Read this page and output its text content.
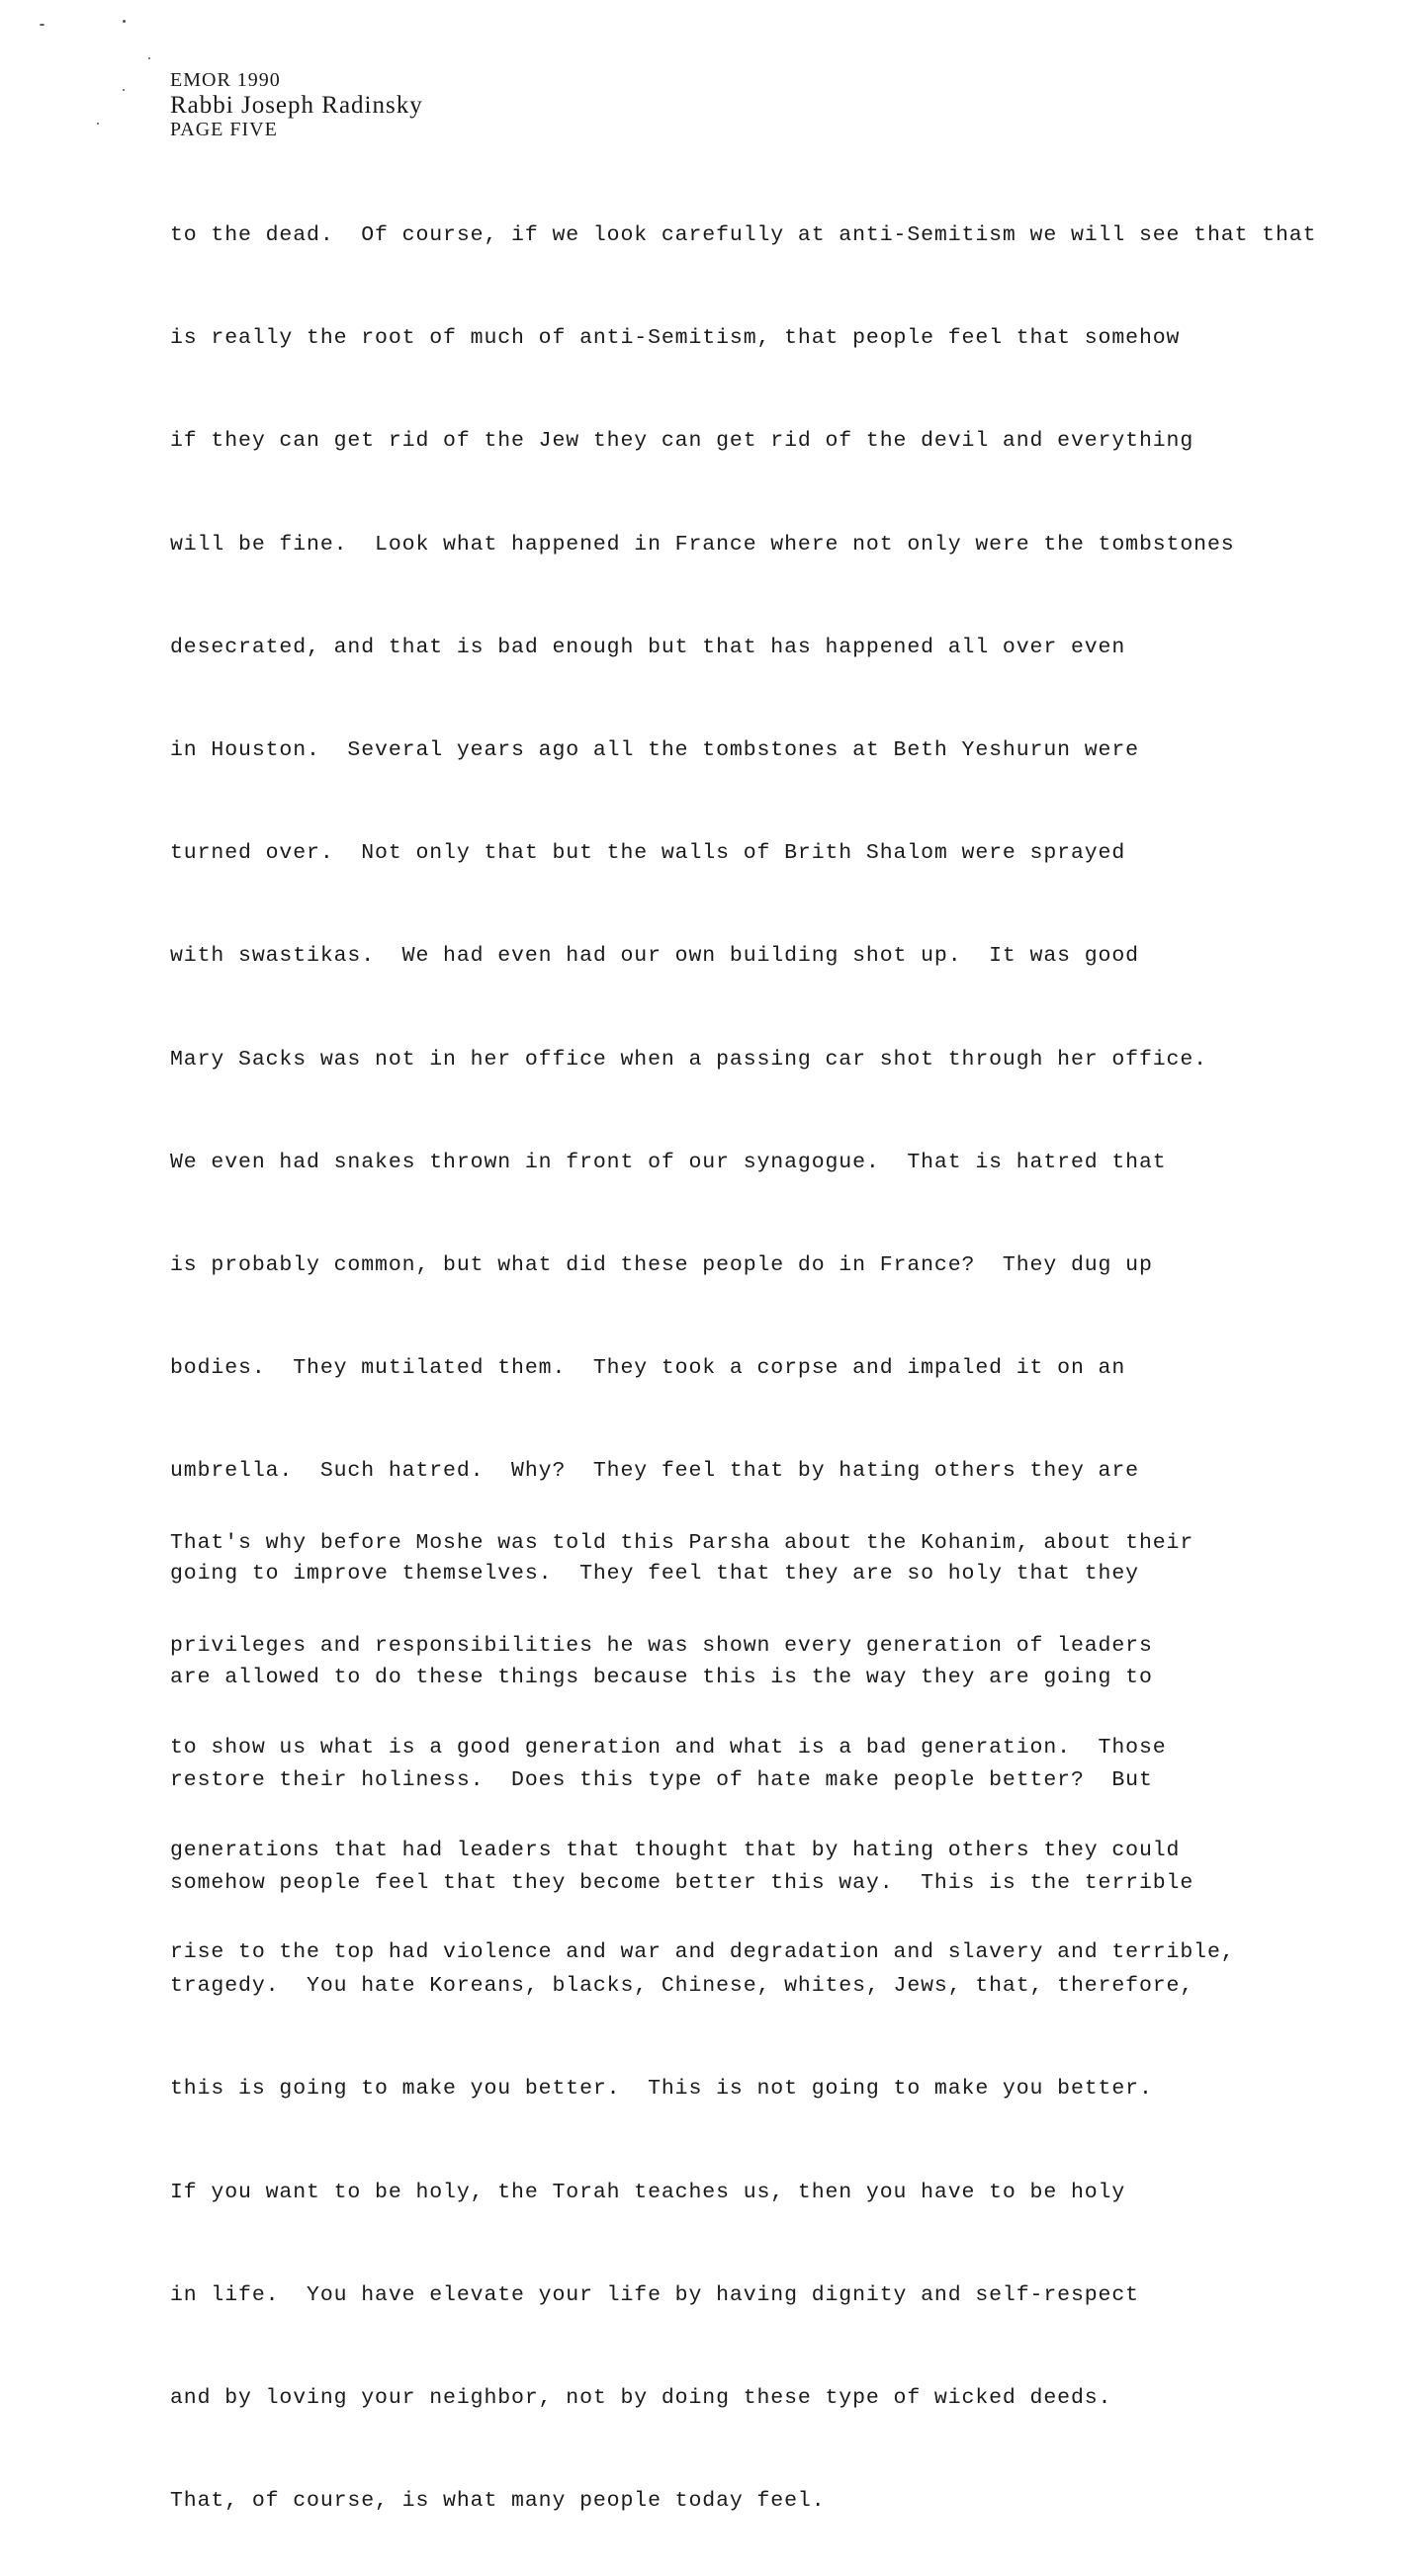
EMOR 1990
Rabbi Joseph Radinsky
PAGE FIVE

to the dead.  Of course, if we look carefully at anti-Semitism we will see that that

is really the root of much of anti-Semitism, that people feel that somehow

if they can get rid of the Jew they can get rid of the devil and everything

will be fine.  Look what happened in France where not only were the tombstones

desecrated, and that is bad enough but that has happened all over even

in Houston.  Several years ago all the tombstones at Beth Yeshurun were

turned over.  Not only that but the walls of Brith Shalom were sprayed

with swastikas.  We had even had our own building shot up.  It was good

Mary Sacks was not in her office when a passing car shot through her office.

We even had snakes thrown in front of our synagogue.  That is hatred that

is probably common, but what did these people do in France?  They dug up

bodies.  They mutilated them.  They took a corpse and impaled it on an

umbrella.  Such hatred.  Why?  They feel that by hating others they are

going to improve themselves.  They feel that they are so holy that they

are allowed to do these things because this is the way they are going to

restore their holiness.  Does this type of hate make people better?  But

somehow people feel that they become better this way.  This is the terrible

tragedy.  You hate Koreans, blacks, Chinese, whites, Jews, that, therefore,

this is going to make you better.  This is not going to make you better.

If you want to be holy, the Torah teaches us, then you have to be holy

in life.  You have elevate your life by having dignity and self-respect

and by loving your neighbor, not by doing these type of wicked deeds.

That, of course, is what many people today feel.

That's why before Moshe was told this Parsha about the Kohanim, about their

privileges and responsibilities he was shown every generation of leaders

to show us what is a good generation and what is a bad generation.  Those

generations that had leaders that thought that by hating others they could

rise to the top had violence and war and degradation and slavery and terrible,
